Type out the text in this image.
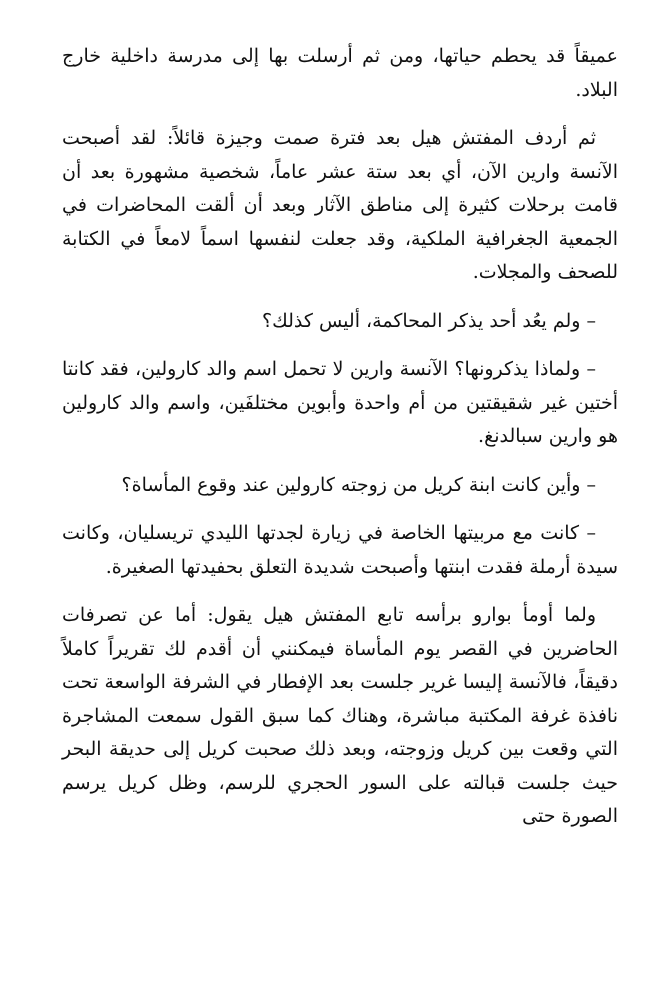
عميقاً قد يحطم حياتها، ومن ثم أرسلت بها إلى مدرسة داخلية خارج البلاد.

ثم أردف المفتش هيل بعد فترة صمت وجيزة قائلاً: لقد أصبحت الآنسة وارين الآن، أي بعد ستة عشر عاماً، شخصية مشهورة بعد أن قامت برحلات كثيرة إلى مناطق الآثار وبعد أن ألقت المحاضرات في الجمعية الجغرافية الملكية، وقد جعلت لنفسها اسماً لامعاً في الكتابة للصحف والمجلات.

– ولم يعُد أحد يذكر المحاكمة، أليس كذلك؟

– ولماذا يذكرونها؟ الآنسة وارين لا تحمل اسم والد كارولين، فقد كانتا أختين غير شقيقتين من أم واحدة وأبوين مختلفَين، واسم والد كارولين هو وارين سبالدنغ.

– وأين كانت ابنة كريل من زوجته كارولين عند وقوع المأساة؟

– كانت مع مربيتها الخاصة في زيارة لجدتها الليدي تريسليان، وكانت سيدة أرملة فقدت ابنتها وأصبحت شديدة التعلق بحفيدتها الصغيرة.

ولما أومأ بوارو برأسه تابع المفتش هيل يقول: أما عن تصرفات الحاضرين في القصر يوم المأساة فيمكنني أن أقدم لك تقريراً كاملاً دقيقاً، فالآنسة إليسا غرير جلست بعد الإفطار في الشرفة الواسعة تحت نافذة غرفة المكتبة مباشرة، وهناك كما سبق القول سمعت المشاجرة التي وقعت بين كريل وزوجته، وبعد ذلك صحبت كريل إلى حديقة البحر حيث جلست قبالته على السور الحجري للرسم، وظل كريل يرسم الصورة حتى
